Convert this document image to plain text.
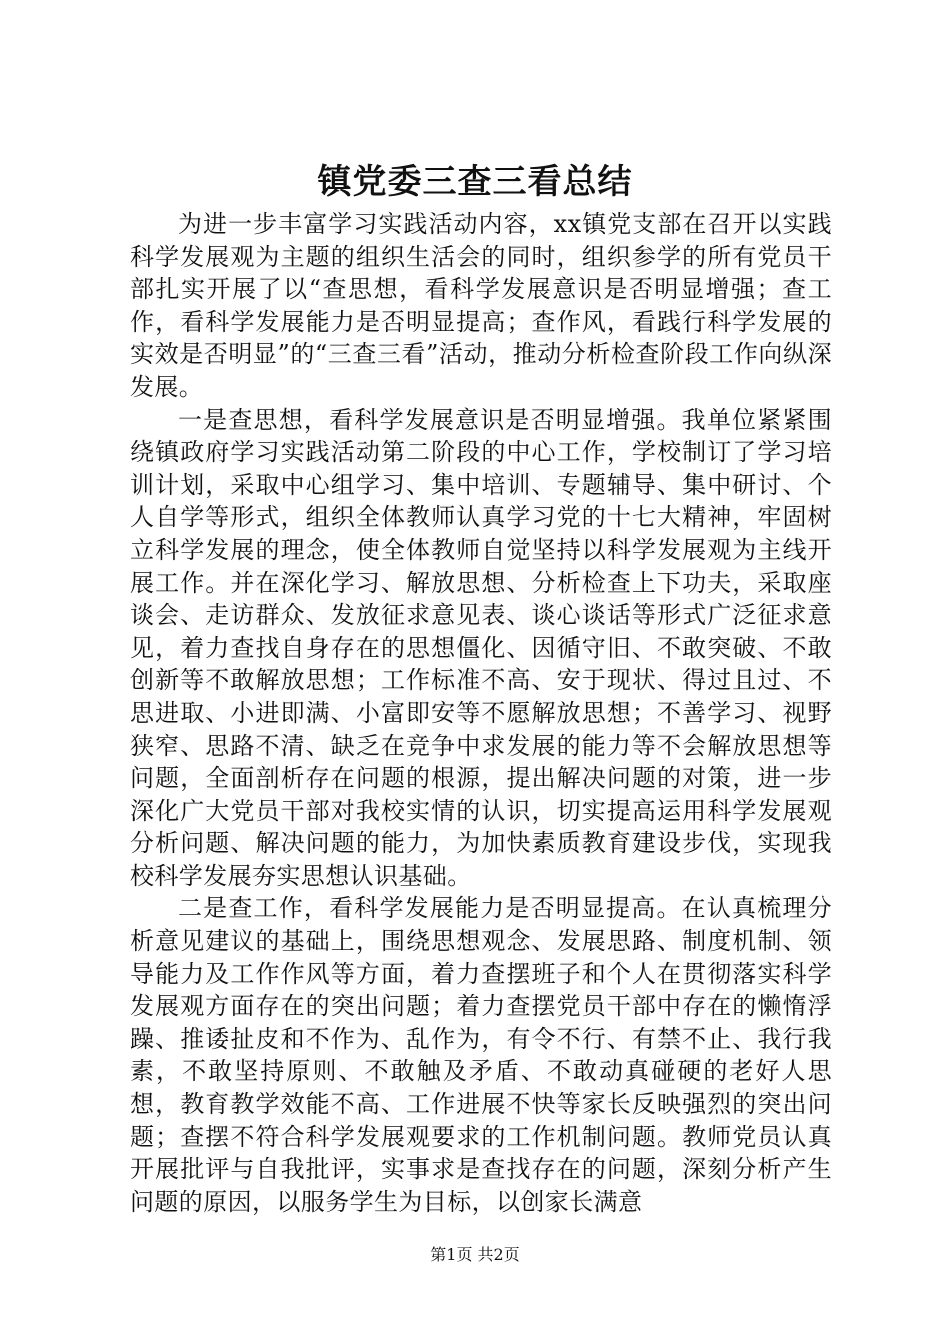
镇党委三查三看总结

为进一步丰富学习实践活动内容，xx镇党支部在召开以实践科学发展观为主题的组织生活会的同时，组织参学的所有党员干部扎实开展了以“查思想，看科学发展意识是否明显增强；查工作，看科学发展能力是否明显提高；查作风，看践行科学发展的实效是否明显”的“三查三看”活动，推动分析检查阶段工作向纵深发展。

一是查思想，看科学发展意识是否明显增强。我单位紧紧围绕镇政府学习实践活动第二阶段的中心工作，学校制订了学习培训计划，采取中心组学习、集中培训、专题辅导、集中研讨、个人自学等形式，组织全体教师认真学习党的十七大精神，牢固树立科学发展的理念，使全体教师自觉坚持以科学发展观为主线开展工作。并在深化学习、解放思想、分析检查上下功夫，采取座谈会、走访群众、发放征求意见表、谈心谈话等形式广泛征求意见，着力查找自身存在的思想僵化、因循守旧、不敢突破、不敢创新等不敢解放思想；工作标准不高、安于现状、得过且过、不思进取、小进即满、小富即安等不愿解放思想；不善学习、视野狭窄、思路不清、缺乏在竞争中求发展的能力等不会解放思想等问题，全面剖析存在问题的根源，提出解决问题的对策，进一步深化广大党员干部对我校实情的认识，切实提高运用科学发展观分析问题、解决问题的能力，为加快素质教育建设步伐，实现我校科学发展夯实思想认识基础。

二是查工作，看科学发展能力是否明显提高。在认真梳理分析意见建议的基础上，围绕思想观念、发展思路、制度机制、领导能力及工作作风等方面，着力查摆班子和个人在贯彻落实科学发展观方面存在的突出问题；着力查摆党员干部中存在的懒惰浮躁、推诿扯皮和不作为、乱作为，有令不行、有禁不止、我行我素，不敢坚持原则、不敢触及矛盾、不敢动真碰硬的老好人思想，教育教学效能不高、工作进展不快等家长反映强烈的突出问题；查摆不符合科学发展观要求的工作机制问题。教师党员认真开展批评与自我批评，实事求是查找存在的问题，深刻分析产生问题的原因，以服务学生为目标，以创家长满意

第1页 共2页
